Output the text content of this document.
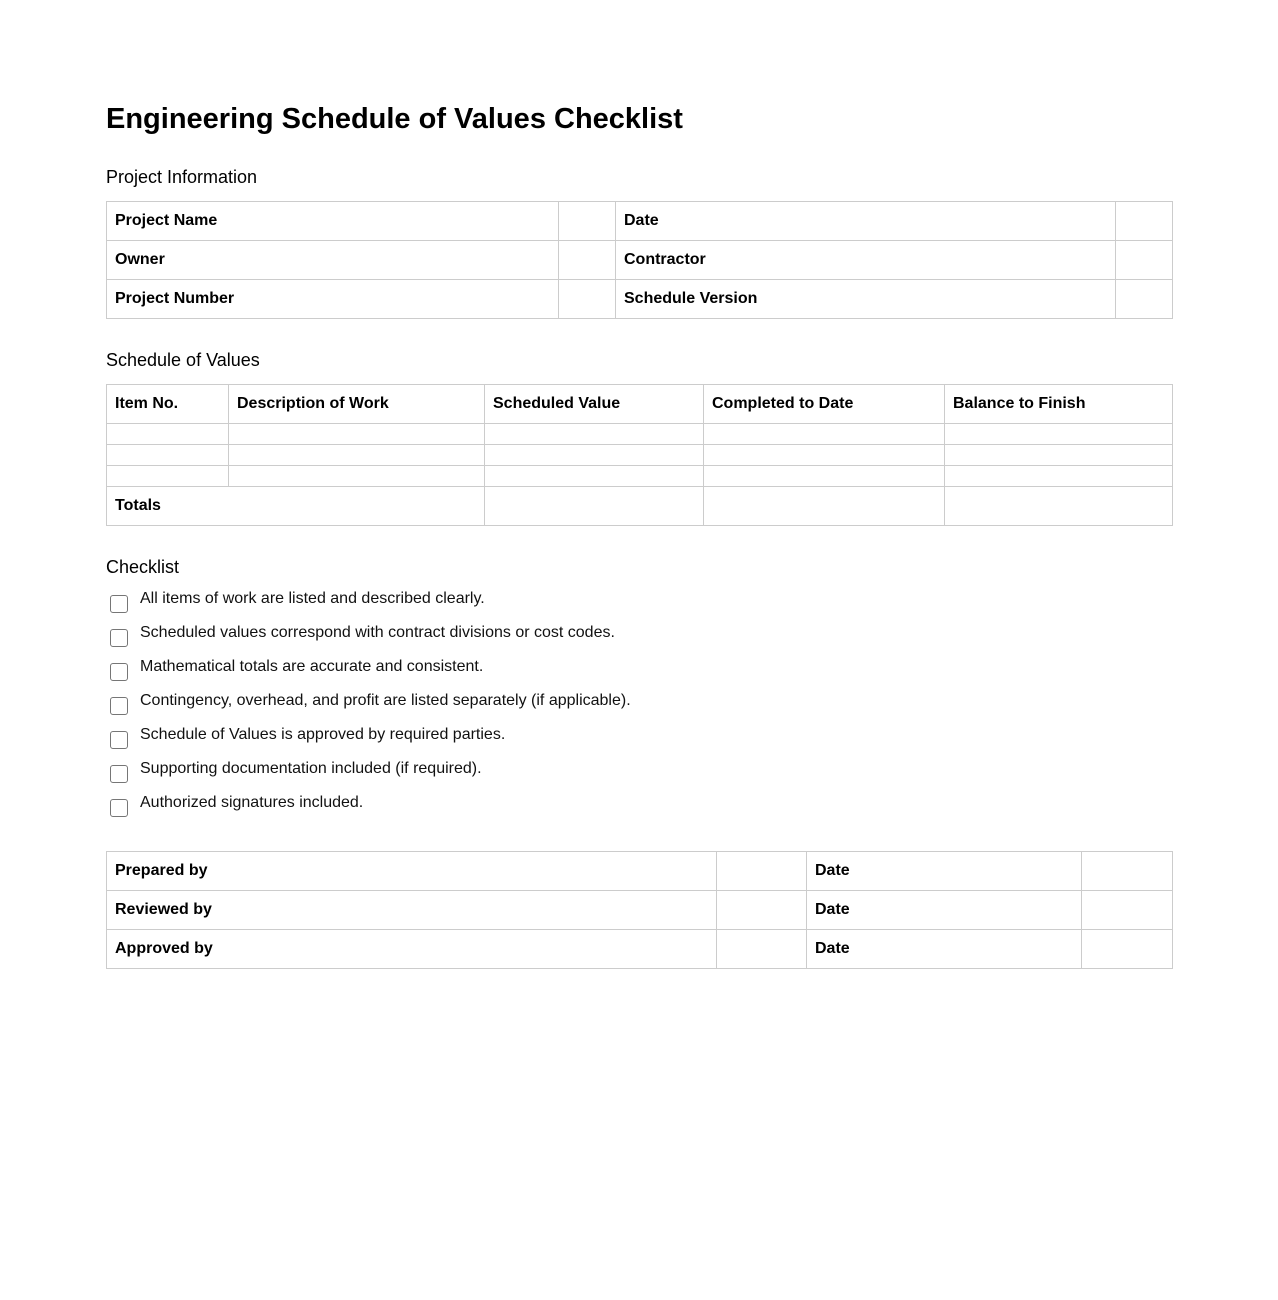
Engineering Schedule of Values Checklist
Project Information
Project Name		Date	
Owner		Contractor	
Project Number		Schedule Version	
Schedule of Values
Item No.	Description of Work	Scheduled Value	Completed to Date	Balance to Finish

Totals				
Checklist
All items of work are listed and described clearly.
Scheduled values correspond with contract divisions or cost codes.
Mathematical totals are accurate and consistent.
Contingency, overhead, and profit are listed separately (if applicable).
Schedule of Values is approved by required parties.
Supporting documentation included (if required).
Authorized signatures included.
Prepared by		Date	
Reviewed by		Date	
Approved by		Date	
